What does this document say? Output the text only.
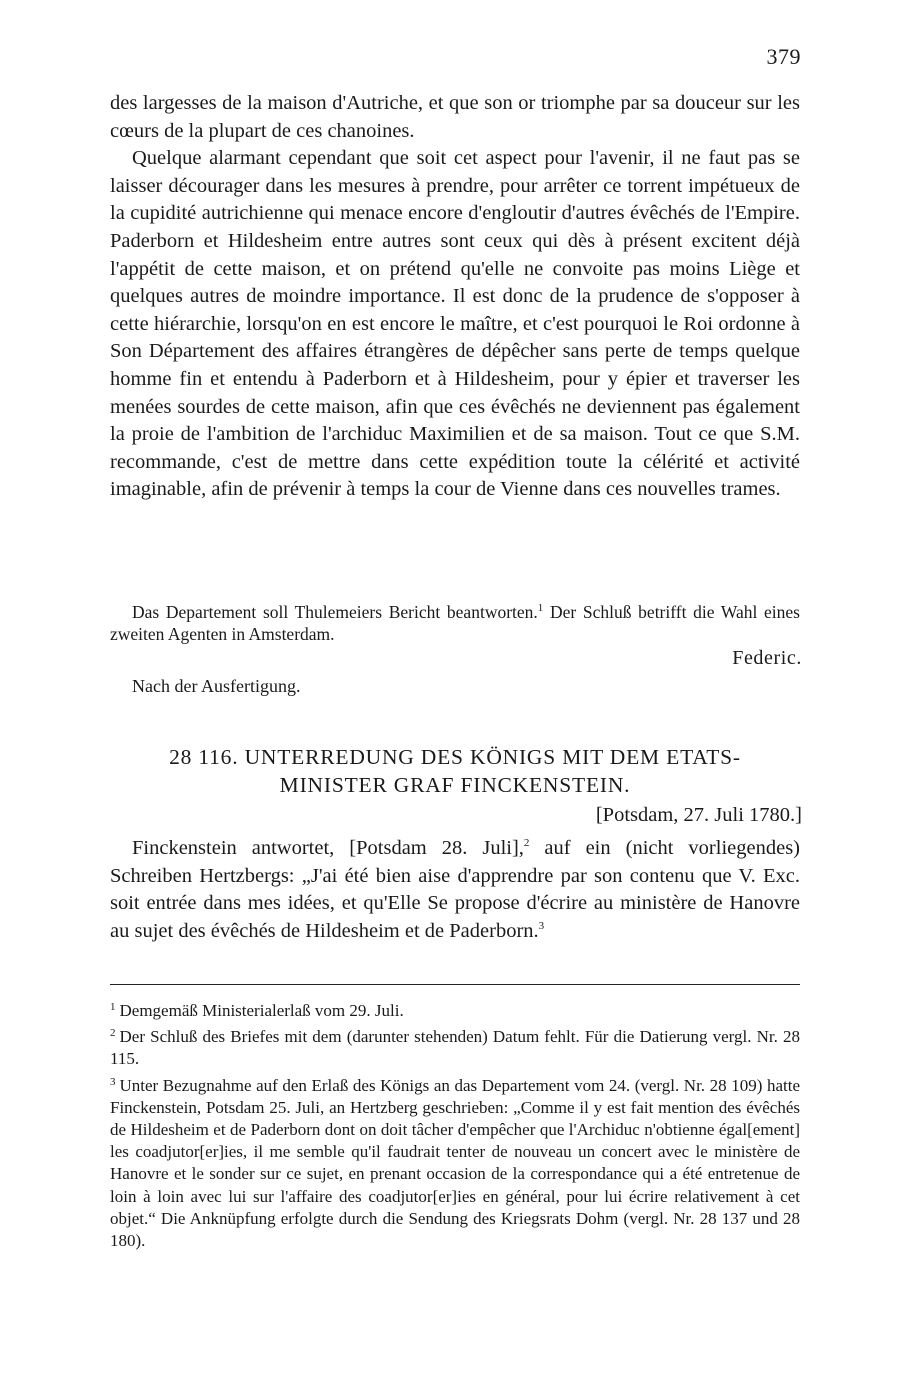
379

des largesses de la maison d'Autriche, et que son or triomphe par sa douceur sur les cœurs de la plupart de ces chanoines.

Quelque alarmant cependant que soit cet aspect pour l'avenir, il ne faut pas se laisser décourager dans les mesures à prendre, pour arrêter ce torrent impétueux de la cupidité autrichienne qui menace encore d'engloutir d'autres évêchés de l'Empire. Paderborn et Hildesheim entre autres sont ceux qui dès à présent excitent déjà l'appétit de cette maison, et on prétend qu'elle ne convoite pas moins Liège et quelques autres de moindre importance. Il est donc de la prudence de s'opposer à cette hiérarchie, lorsqu'on en est encore le maître, et c'est pourquoi le Roi ordonne à Son Département des affaires étrangères de dépêcher sans perte de temps quelque homme fin et entendu à Paderborn et à Hildesheim, pour y épier et traverser les menées sourdes de cette maison, afin que ces évêchés ne deviennent pas également la proie de l'ambition de l'archiduc Maximilien et de sa maison. Tout ce que S.M. recommande, c'est de mettre dans cette expédition toute la célérité et activité imaginable, afin de prévenir à temps la cour de Vienne dans ces nouvelles trames.

Das Departement soll Thulemeiers Bericht beantworten.$^1$ Der Schluß betrifft die Wahl eines zweiten Agenten in Amsterdam.

Federic.

Nach der Ausfertigung.

28 116. UNTERREDUNG DES KÖNIGS MIT DEM ETATS-

MINISTER GRAF FINCKENSTEIN.

[Potsdam, 27. Juli 1780.]

Finckenstein antwortet, [Potsdam 28. Juli],$^2$ auf ein (nicht vorliegendes) Schreiben Hertzbergs: „J'ai été bien aise d'apprendre par son contenu que V. Exc. soit entrée dans mes idées, et qu'Elle Se propose d'écrire au ministère de Hanovre au sujet des évêchés de Hildesheim et de Paderborn.$^3$

$^1$ Demgemäß Ministerialerlaß vom 29. Juli.

$^2$ Der Schluß des Briefes mit dem (darunter stehenden) Datum fehlt. Für die Datierung vergl. Nr. 28 115.

$^3$ Unter Bezugnahme auf den Erlaß des Königs an das Departement vom 24. (vergl. Nr. 28 109) hatte Finckenstein, Potsdam 25. Juli, an Hertzberg geschrieben: „Comme il y est fait mention des évêchés de Hildesheim et de Paderborn dont on doit tâcher d'empêcher que l'Archiduc n'obtienne égal[ement] les coadjutor[er]ies, il me semble qu'il faudrait tenter de nouveau un concert avec le ministère de Hanovre et le sonder sur ce sujet, en prenant occasion de la correspondance qui a été entretenue de loin à loin avec lui sur l'affaire des coadjutor[er]ies en général, pour lui écrire relativement à cet objet.“ Die Anknüpfung erfolgte durch die Sendung des Kriegsrats Dohm (vergl. Nr. 28 137 und 28 180).
